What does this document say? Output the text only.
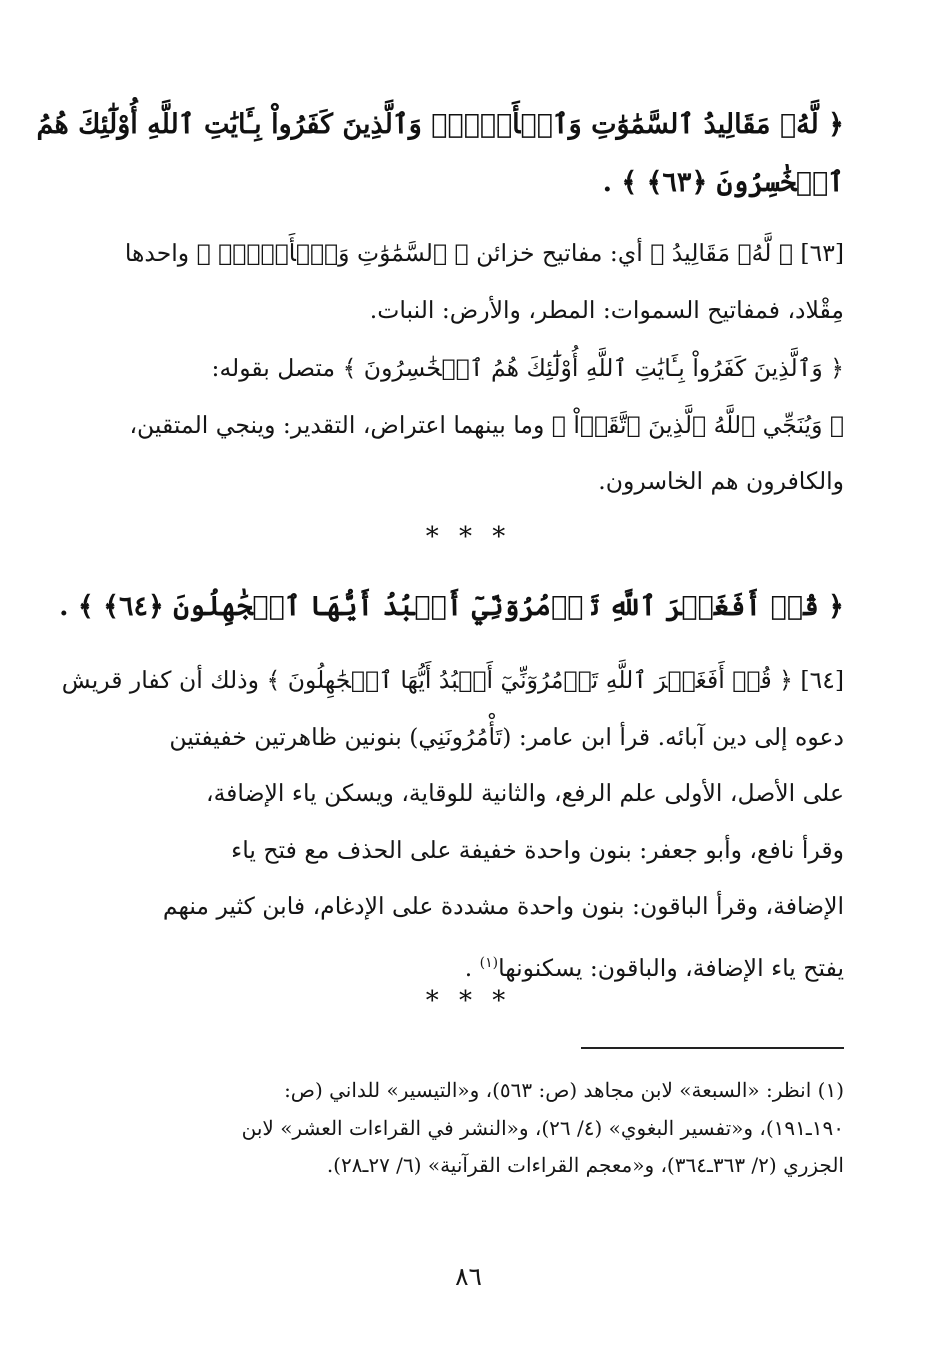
﴿ لَّهُۥ مَقَالِيدُ ٱلسَّمَٰوَٰتِ وَٱلۡأَرۡضِۗ وَٱلَّذِينَ كَفَرُواْ بِـَٔايَٰتِ ٱللَّهِ أُوْلَٰٓئِكَ هُمُ
ٱلۡخَٰسِرُونَ ﴿٦٣﴾ ﴾ .
[٦٣] ﴿ لَّهُۥ مَقَالِيدُ ﴾ أي: مفاتيح خزائن ﴿ ٱلسَّمَٰوَٰتِ وَٱلۡأَرۡضِۗ ﴾ واحدها
مِقْلاد، فمفاتيح السموات: المطر، والأرض: النبات.
﴿ وَٱلَّذِينَ كَفَرُواْ بِـَٔايَٰتِ ٱللَّهِ أُوْلَٰٓئِكَ هُمُ ٱلۡخَٰسِرُونَ ﴾ متصل بقوله:
﴿ وَيُنَجِّي ٱللَّهُ ٱلَّذِينَ ٱتَّقَوۡاْ ﴾ وما بينهما اعتراض، التقدير: وينجي المتقين،
والكافرون هم الخاسرون.
* * *
﴿ قُلۡ أَفَغَيۡرَ ٱللَّهِ تَأۡمُرُوٓنِّيٓ أَعۡبُدُ أَيُّهَا ٱلۡجَٰهِلُونَ ﴿٦٤﴾ ﴾ .
[٦٤] ﴿ قُلۡ أَفَغَيۡرَ ٱللَّهِ تَأۡمُرُوٓنِّيٓ أَعۡبُدُ أَيُّهَا ٱلۡجَٰهِلُونَ ﴾ وذلك أن كفار قريش
دعوه إلى دين آبائه. قرأ ابن عامر: (تَأْمُرُونَنِي) بنونين ظاهرتين خفيفتين
على الأصل، الأولى علم الرفع، والثانية للوقاية، ويسكن ياء الإضافة،
وقرأ نافع، وأبو جعفر: بنون واحدة خفيفة على الحذف مع فتح ياء
الإضافة، وقرأ الباقون: بنون واحدة مشددة على الإدغام، فابن كثير منهم
يفتح ياء الإضافة، والباقون: يسكنونها$^{(١)}$ .
* * *
(١) انظر: «السبعة» لابن مجاهد (ص: ٥٦٣)، و«التيسير» للداني (ص:
١٩٠ـ١٩١)، و«تفسير البغوي» (٤/ ٢٦)، و«النشر في القراءات العشر» لابن
الجزري (٢/ ٣٦٣ـ٣٦٤)، و«معجم القراءات القرآنية» (٦/ ٢٧ـ٢٨).
٨٦
